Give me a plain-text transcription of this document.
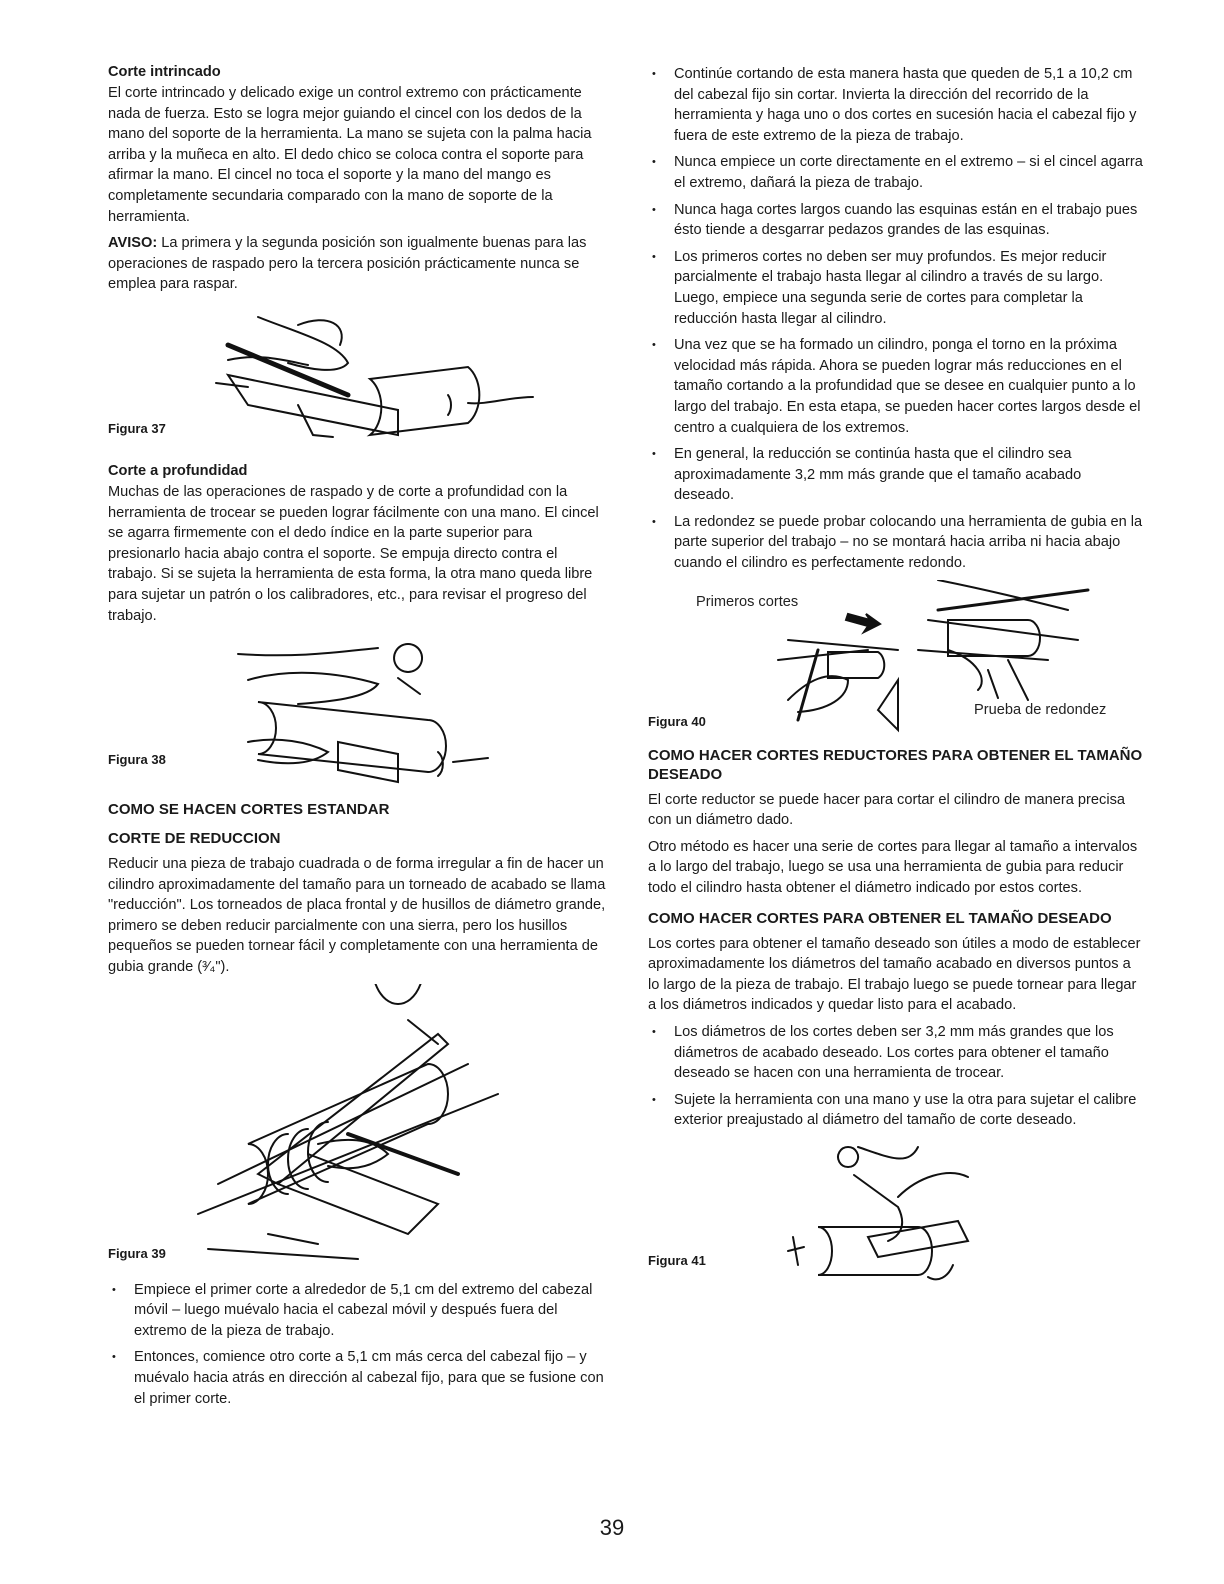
Corte intrincado

El corte intrincado y delicado exige un control extremo con prácticamente nada de fuerza. Esto se logra mejor guiando el cincel con los dedos de la mano del soporte de la herramienta. La mano se sujeta con la palma hacia arriba y la muñeca en alto. El dedo chico se coloca contra el soporte para afirmar la mano. El cincel no toca el soporte y la mano del mango es completamente secundaria comparado con la mano de soporte de la herramienta.

AVISO: La primera y la segunda posición son igualmente buenas para las operaciones de raspado pero la tercera posición prácticamente nunca se emplea para raspar.

Figura 37
Corte a profundidad

Muchas de las operaciones de raspado y de corte a profundidad con la herramienta de trocear se pueden lograr fácilmente con una mano. El cincel se agarra firmemente con el dedo índice en la parte superior para presionarlo hacia abajo contra el soporte. Se empuja directo contra el trabajo. Si se sujeta la herramienta de esta forma, la otra mano queda libre para sujetar un patrón o los calibradores, etc., para revisar el progreso del trabajo.

Figura 38
COMO SE HACEN CORTES ESTANDAR
CORTE DE REDUCCION

Reducir una pieza de trabajo cuadrada o de forma irregular a fin de hacer un cilindro aproximadamente del tamaño para un torneado de acabado se llama "reducción". Los torneados de placa frontal y de husillos de diámetro grande, primero se deben reducir parcialmente con una sierra, pero los husillos pequeños se pueden tornear fácil y completamente con una herramienta de gubia grande (³⁄₄").

Figura 39
• Empiece el primer corte a alrededor de 5,1 cm del extremo del cabezal móvil – luego muévalo hacia el cabezal móvil y después fuera del extremo de la pieza de trabajo.
• Entonces, comience otro corte a 5,1 cm más cerca del cabezal fijo – y muévalo hacia atrás en dirección al cabezal fijo, para que se fusione con el primer corte.
• Continúe cortando de esta manera hasta que queden de 5,1 a 10,2 cm del cabezal fijo sin cortar. Invierta la dirección del recorrido de la herramienta y haga uno o dos cortes en sucesión hacia el cabezal fijo y fuera de este extremo de la pieza de trabajo.
• Nunca empiece un corte directamente en el extremo – si el cincel agarra el extremo, dañará la pieza de trabajo.
• Nunca haga cortes largos cuando las esquinas están en el trabajo pues ésto tiende a desgarrar pedazos grandes de las esquinas.
• Los primeros cortes no deben ser muy profundos. Es mejor reducir parcialmente el trabajo hasta llegar al cilindro a través de su largo. Luego, empiece una segunda serie de cortes para completar la reducción hasta llegar al cilindro.
• Una vez que se ha formado un cilindro, ponga el torno en la próxima velocidad más rápida. Ahora se pueden lograr más reducciones en el tamaño cortando a la profundidad que se desee en cualquier punto a lo largo del trabajo. En esta etapa, se pueden hacer cortes largos desde el centro a cualquiera de los extremos.
• En general, la reducción se continúa hasta que el cilindro sea aproximadamente 3,2 mm más grande que el tamaño acabado deseado.
• La redondez se puede probar colocando una herramienta de gubia en la parte superior del trabajo – no se montará hacia arriba ni hacia abajo cuando el cilindro es perfectamente redondo.
Primeros cortes
Prueba de redondez
Figura 40
COMO HACER CORTES REDUCTORES PARA OBTENER EL TAMAÑO DESEADO

El corte reductor se puede hacer para cortar el cilindro de manera precisa con un diámetro dado.

Otro método es hacer una serie de cortes para llegar al tamaño a intervalos a lo largo del trabajo, luego se usa una herramienta de gubia para reducir todo el cilindro hasta obtener el diámetro indicado por estos cortes.

COMO HACER CORTES PARA OBTENER EL TAMAÑO DESEADO

Los cortes para obtener el tamaño deseado son útiles a modo de establecer aproximadamente los diámetros del tamaño acabado en diversos puntos a lo largo de la pieza de trabajo. El trabajo luego se puede tornear para llegar a los diámetros indicados y quedar listo para el acabado.

• Los diámetros de los cortes deben ser 3,2 mm más grandes que los diámetros de acabado deseado. Los cortes para obtener el tamaño deseado se hacen con una herramienta de trocear.
• Sujete la herramienta con una mano y use la otra para sujetar el calibre exterior preajustado al diámetro del tamaño de corte deseado.
Figura 41
39
